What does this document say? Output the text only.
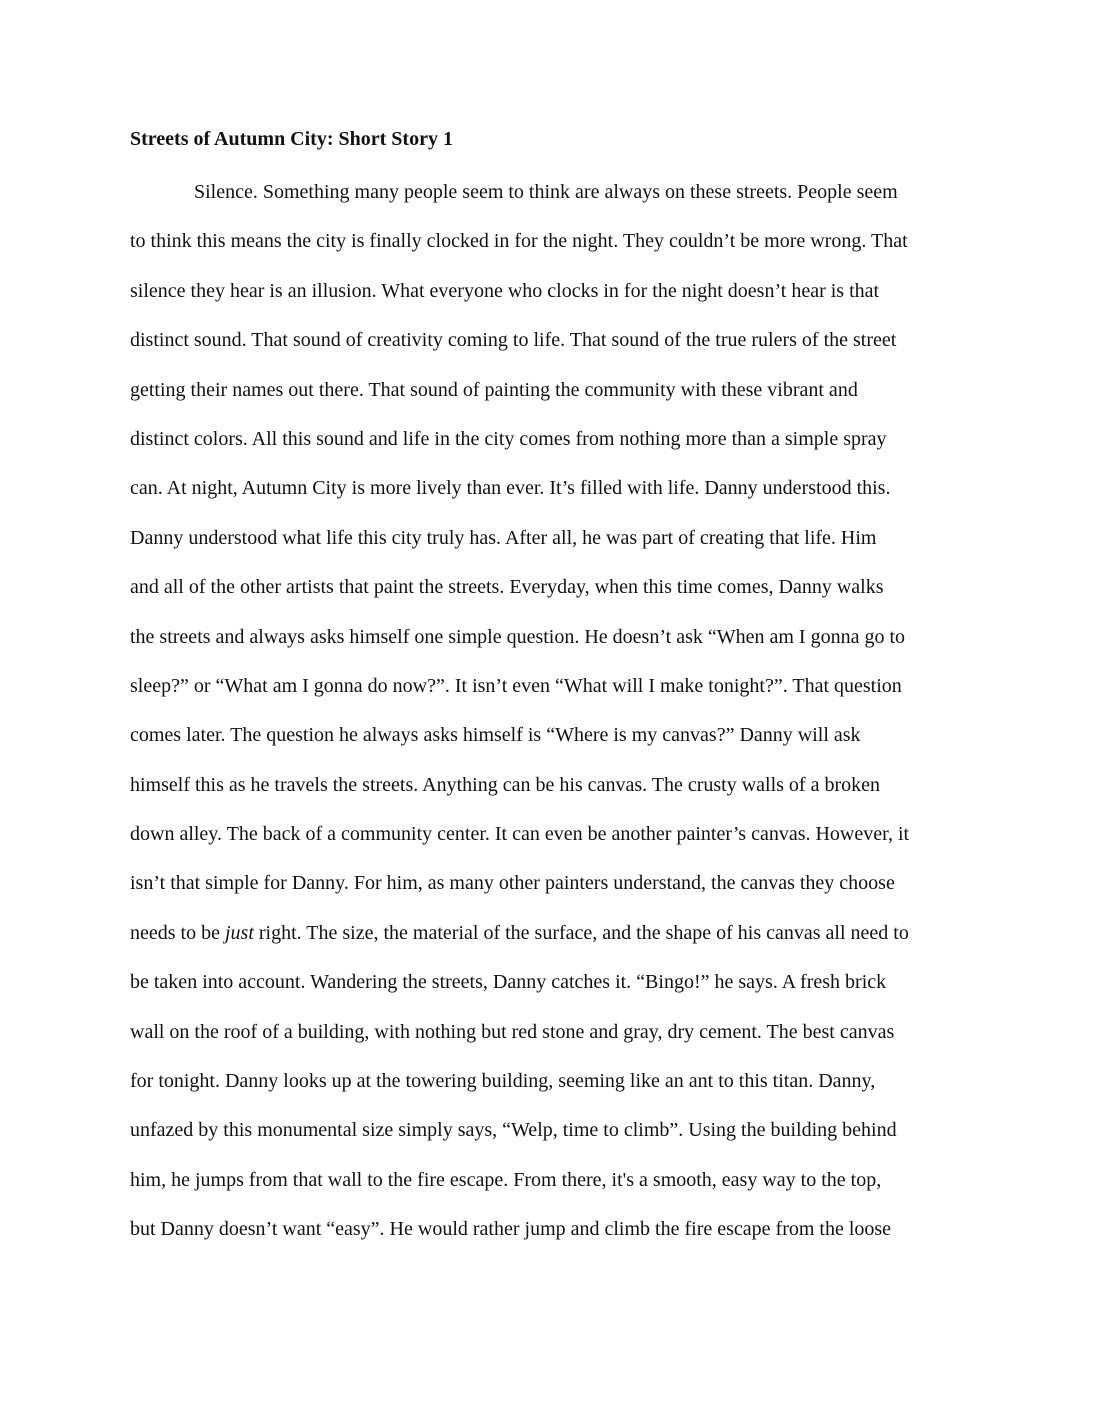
Streets of Autumn City: Short Story 1
Silence. Something many people seem to think are always on these streets. People seem
to think this means the city is finally clocked in for the night. They couldn’t be more wrong. That
silence they hear is an illusion. What everyone who clocks in for the night doesn’t hear is that
distinct sound. That sound of creativity coming to life. That sound of the true rulers of the street
getting their names out there. That sound of painting the community with these vibrant and
distinct colors. All this sound and life in the city comes from nothing more than a simple spray
can. At night, Autumn City is more lively than ever. It’s filled with life. Danny understood this.
Danny understood what life this city truly has. After all, he was part of creating that life. Him
and all of the other artists that paint the streets. Everyday, when this time comes, Danny walks
the streets and always asks himself one simple question. He doesn’t ask “When am I gonna go to
sleep?” or “What am I gonna do now?”. It isn’t even “What will I make tonight?”. That question
comes later. The question he always asks himself is “Where is my canvas?” Danny will ask
himself this as he travels the streets. Anything can be his canvas. The crusty walls of a broken
down alley. The back of a community center. It can even be another painter’s canvas. However, it
isn’t that simple for Danny. For him, as many other painters understand, the canvas they choose
needs to be just right. The size, the material of the surface, and the shape of his canvas all need to
be taken into account. Wandering the streets, Danny catches it. “Bingo!” he says. A fresh brick
wall on the roof of a building, with nothing but red stone and gray, dry cement. The best canvas
for tonight. Danny looks up at the towering building, seeming like an ant to this titan. Danny,
unfazed by this monumental size simply says, “Welp, time to climb”. Using the building behind
him, he jumps from that wall to the fire escape. From there, it's a smooth, easy way to the top,
but Danny doesn’t want “easy”. He would rather jump and climb the fire escape from the loose
